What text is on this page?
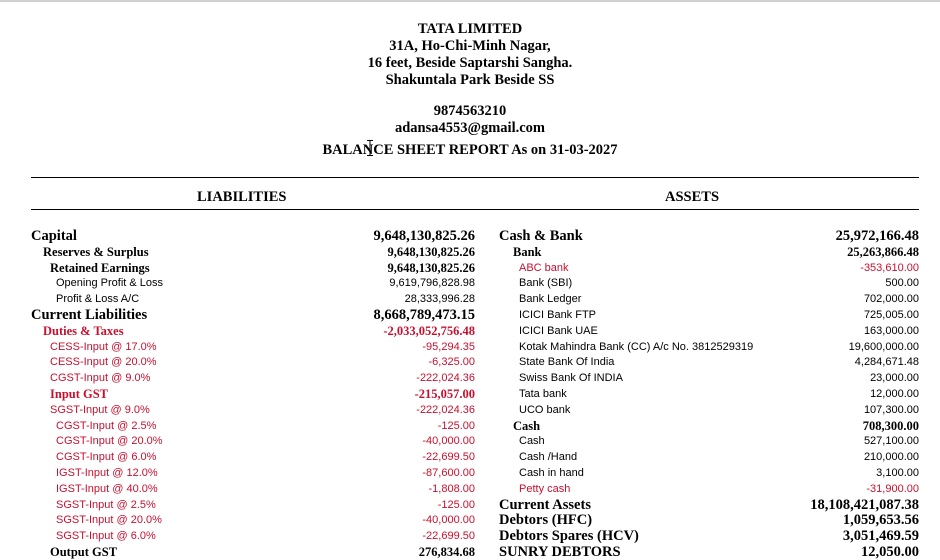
TATA LIMITED
31A, Ho-Chi-Minh Nagar,
16 feet, Beside Saptarshi Sangha.
Shakuntala Park Beside SS
9874563210
adansa4553@gmail.com
BALANCE SHEET REPORT As on 31-03-2027
LIABILITIES	ASSETS
Capital	9,648,130,825.26
Reserves & Surplus	9,648,130,825.26
Retained Earnings	9,648,130,825.26
Opening Profit & Loss	9,619,796,828.98
Profit & Loss A/C	28,333,996.28
Current Liabilities	8,668,789,473.15
Duties & Taxes	-2,033,052,756.48
CESS-Input @ 17.0%	-95,294.35
CESS-Input @ 20.0%	-6,325.00
CGST-Input @ 9.0%	-222,024.36
Input GST	-215,057.00
SGST-Input @ 9.0%	-222,024.36
CGST-Input @ 2.5%	-125.00
CGST-Input @ 20.0%	-40,000.00
CGST-Input @ 6.0%	-22,699.50
IGST-Input @ 12.0%	-87,600.00
IGST-Input @ 40.0%	-1,808.00
SGST-Input @ 2.5%	-125.00
SGST-Input @ 20.0%	-40,000.00
SGST-Input @ 6.0%	-22,699.50
Output GST	276,834.68
Cash & Bank	25,972,166.48
Bank	25,263,866.48
ABC bank	-353,610.00
Bank (SBI)	500.00
Bank Ledger	702,000.00
ICICI Bank FTP	725,005.00
ICICI Bank UAE	163,000.00
Kotak Mahindra Bank (CC) A/c No. 3812529319	19,600,000.00
State Bank Of India	4,284,671.48
Swiss Bank Of INDIA	23,000.00
Tata bank	12,000.00
UCO bank	107,300.00
Cash	708,300.00
Cash	527,100.00
Cash /Hand	210,000.00
Cash in hand	3,100.00
Petty cash	-31,900.00
Current Assets	18,108,421,087.38
Debtors (HFC)	1,059,653.56
Debtors Spares (HCV)	3,051,469.59
SUNRY DEBTORS	12,050.00
